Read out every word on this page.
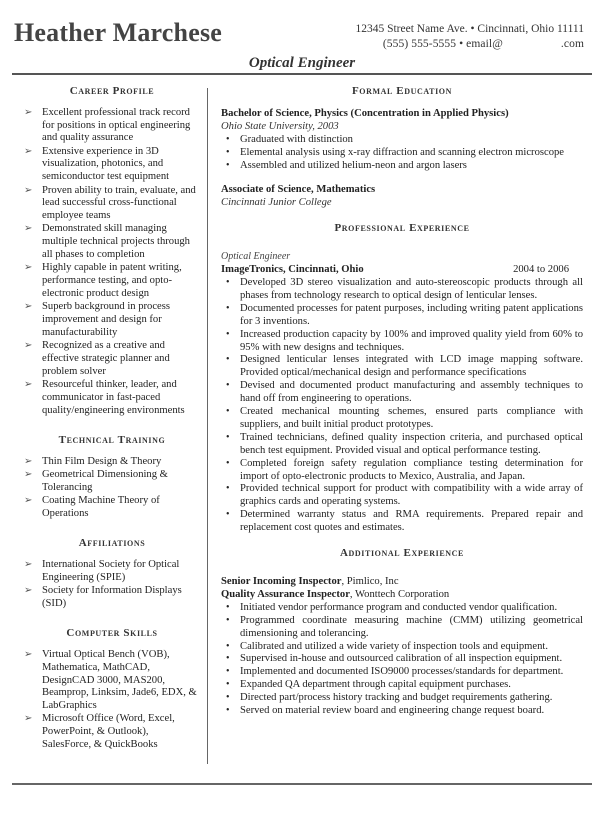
Heather Marchese	12345 Street Name Ave. • Cincinnati, Ohio 11111
(555) 555-5555 • email@	.com
Optical Engineer
Career Profile
➢ Excellent professional track record for positions in optical engineering and quality assurance
➢ Extensive experience in 3D visualization, photonics, and semiconductor test equipment
➢ Proven ability to train, evaluate, and lead successful cross-functional employee teams
➢ Demonstrated skill managing multiple technical projects through all phases to completion
➢ Highly capable in patent writing, performance testing, and opto-electronic product design
➢ Superb background in process improvement and design for manufacturability
➢ Recognized as a creative and effective strategic planner and problem solver
➢ Resourceful thinker, leader, and communicator in fast-paced quality/engineering environments
Technical Training
➢ Thin Film Design & Theory
➢ Geometrical Dimensioning & Tolerancing
➢ Coating Machine Theory of Operations
Affiliations
➢ International Society for Optical Engineering (SPIE)
➢ Society for Information Displays (SID)
Computer Skills
➢ Virtual Optical Bench (VOB), Mathematica, MathCAD, DesignCAD 3000, MAS200, Beamprop, Linksim, Jade6, EDX, & LabGraphics
➢ Microsoft Office (Word, Excel, PowerPoint, & Outlook), SalesForce, & QuickBooks
Formal Education
Bachelor of Science, Physics (Concentration in Applied Physics)
Ohio State University, 2003
• Graduated with distinction
• Elemental analysis using x-ray diffraction and scanning electron microscope
• Assembled and utilized helium-neon and argon lasers
Associate of Science, Mathematics
Cincinnati Junior College
Professional Experience
Optical Engineer
ImageTronics, Cincinnati, Ohio	2004 to 2006
• Developed 3D stereo visualization and auto-stereoscopic products through all phases from technology research to optical design of lenticular lenses.
• Documented processes for patent purposes, including writing patent applications for 3 inventions.
• Increased production capacity by 100% and improved quality yield from 60% to 95% with new designs and techniques.
• Designed lenticular lenses integrated with LCD image mapping software. Provided optical/mechanical design and performance specifications
• Devised and documented product manufacturing and assembly techniques to hand off from engineering to operations.
• Created mechanical mounting schemes, ensured parts compliance with suppliers, and built initial product prototypes.
• Trained technicians, defined quality inspection criteria, and purchased optical bench test equipment. Provided visual and optical performance testing.
• Completed foreign safety regulation compliance testing determination for import of opto-electronic products to Mexico, Australia, and Japan.
• Provided technical support for product with compatibility with a wide array of graphics cards and operating systems.
• Determined warranty status and RMA requirements. Prepared repair and replacement cost quotes and estimates.
Additional Experience
Senior Incoming Inspector, Pimlico, Inc
Quality Assurance Inspector, Wonttech Corporation
• Initiated vendor performance program and conducted vendor qualification.
• Programmed coordinate measuring machine (CMM) utilizing geometrical dimensioning and tolerancing.
• Calibrated and utilized a wide variety of inspection tools and equipment.
• Supervised in-house and outsourced calibration of all inspection equipment.
• Implemented and documented ISO9000 processes/standards for department.
• Expanded QA department through capital equipment purchases.
• Directed part/process history tracking and budget requirements gathering.
• Served on material review board and engineering change request board.
